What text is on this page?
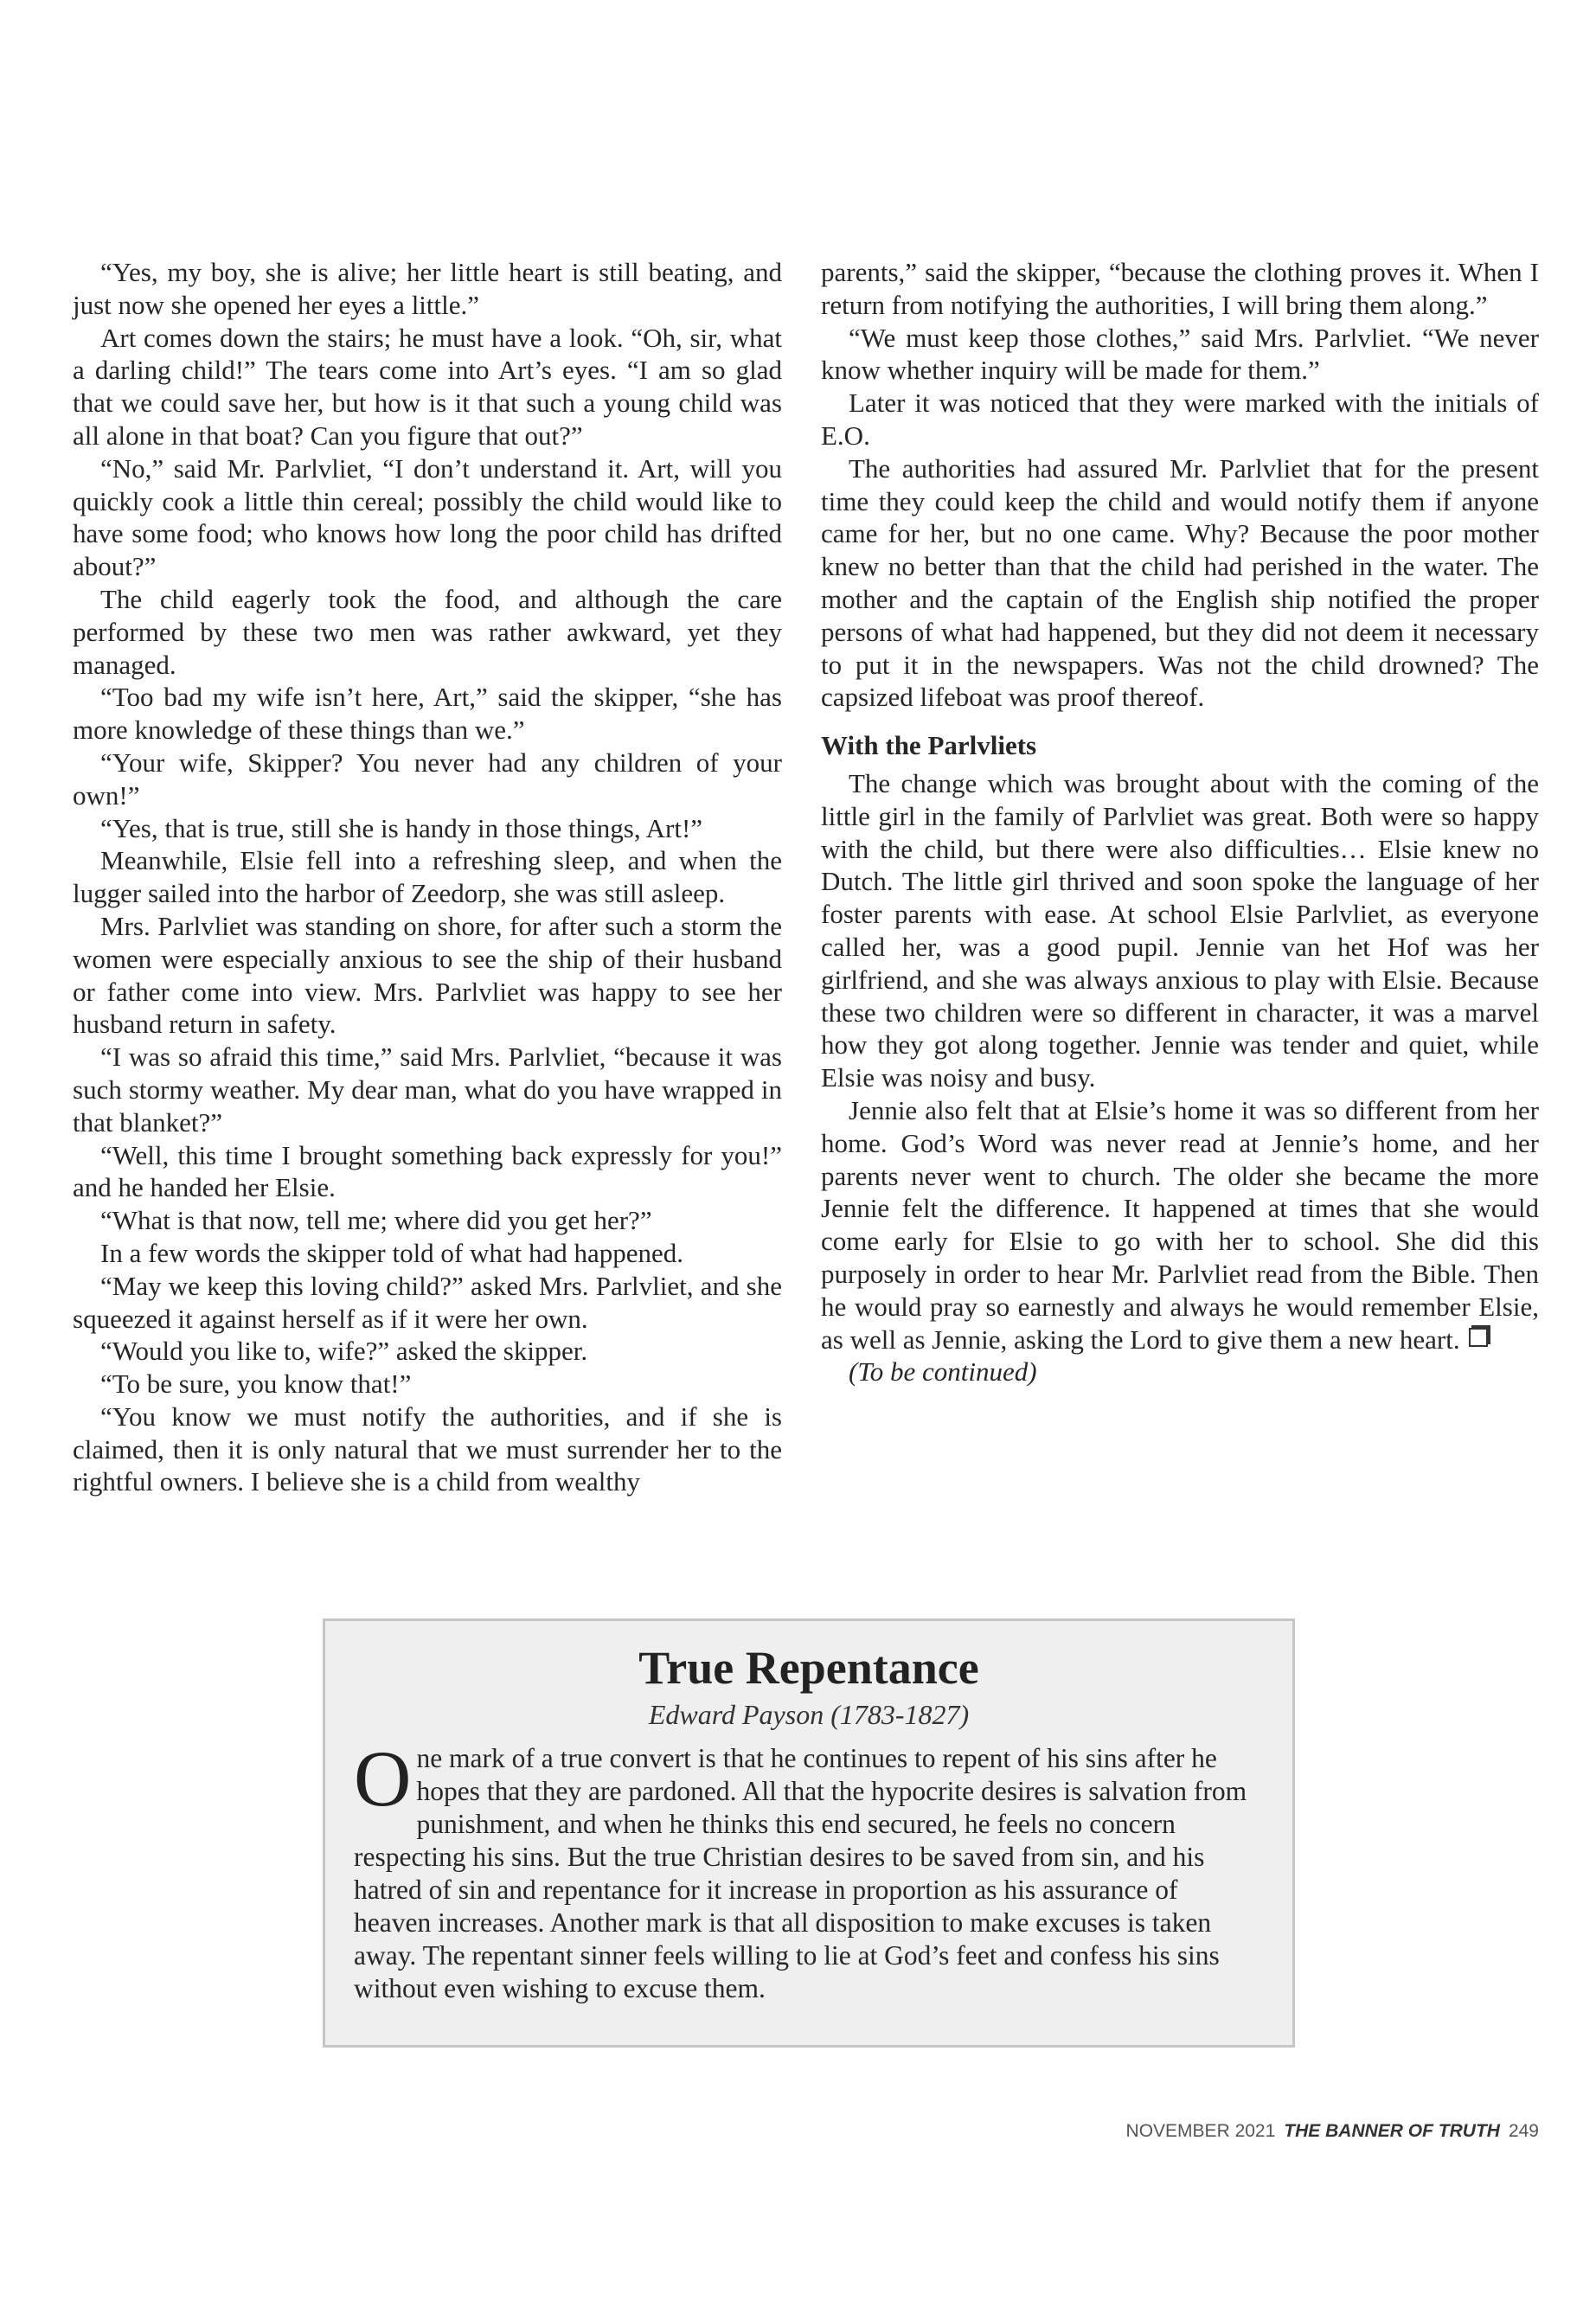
“Yes, my boy, she is alive; her little heart is still beating, and just now she opened her eyes a little.”

Art comes down the stairs; he must have a look. “Oh, sir, what a darling child!” The tears come into Art’s eyes. “I am so glad that we could save her, but how is it that such a young child was all alone in that boat? Can you figure that out?”

“No,” said Mr. Parlvliet, “I don’t understand it. Art, will you quickly cook a little thin cereal; possibly the child would like to have some food; who knows how long the poor child has drifted about?”

The child eagerly took the food, and although the care performed by these two men was rather awkward, yet they managed.

“Too bad my wife isn’t here, Art,” said the skipper, “she has more knowledge of these things than we.”

“Your wife, Skipper? You never had any children of your own!”

“Yes, that is true, still she is handy in those things, Art!”

Meanwhile, Elsie fell into a refreshing sleep, and when the lugger sailed into the harbor of Zeedorp, she was still asleep.

Mrs. Parlvliet was standing on shore, for after such a storm the women were especially anxious to see the ship of their husband or father come into view. Mrs. Parlvliet was happy to see her husband return in safety.

“I was so afraid this time,” said Mrs. Parlvliet, “because it was such stormy weather. My dear man, what do you have wrapped in that blanket?”

“Well, this time I brought something back expressly for you!” and he handed her Elsie.

“What is that now, tell me; where did you get her?”

In a few words the skipper told of what had happened.

“May we keep this loving child?” asked Mrs. Parlvliet, and she squeezed it against herself as if it were her own.

“Would you like to, wife?” asked the skipper.

“To be sure, you know that!”

“You know we must notify the authorities, and if she is claimed, then it is only natural that we must surrender her to the rightful owners. I believe she is a child from wealthy

parents,” said the skipper, “because the clothing proves it. When I return from notifying the authorities, I will bring them along.”

“We must keep those clothes,” said Mrs. Parlvliet. “We never know whether inquiry will be made for them.”

Later it was noticed that they were marked with the initials of E.O.

The authorities had assured Mr. Parlvliet that for the present time they could keep the child and would notify them if anyone came for her, but no one came. Why? Because the poor mother knew no better than that the child had perished in the water. The mother and the captain of the English ship notified the proper persons of what had happened, but they did not deem it necessary to put it in the newspapers. Was not the child drowned? The capsized lifeboat was proof thereof.

With the Parlvliets

The change which was brought about with the coming of the little girl in the family of Parlvliet was great. Both were so happy with the child, but there were also difficulties… Elsie knew no Dutch. The little girl thrived and soon spoke the language of her foster parents with ease. At school Elsie Parlvliet, as everyone called her, was a good pupil. Jennie van het Hof was her girlfriend, and she was always anxious to play with Elsie. Because these two children were so different in character, it was a marvel how they got along together. Jennie was tender and quiet, while Elsie was noisy and busy.

Jennie also felt that at Elsie’s home it was so different from her home. God’s Word was never read at Jennie’s home, and her parents never went to church. The older she became the more Jennie felt the difference. It happened at times that she would come early for Elsie to go with her to school. She did this purposely in order to hear Mr. Parlvliet read from the Bible. Then he would pray so earnestly and always he would remember Elsie, as well as Jennie, asking the Lord to give them a new heart.

(To be continued)

True Repentance
Edward Payson (1783-1827)
One mark of a true convert is that he continues to repent of his sins after he hopes that they are pardoned. All that the hypocrite desires is salvation from punishment, and when he thinks this end secured, he feels no concern respecting his sins. But the true Christian desires to be saved from sin, and his hatred of sin and repentance for it increase in proportion as his assurance of heaven increases. Another mark is that all disposition to make excuses is taken away. The repentant sinner feels willing to lie at God’s feet and confess his sins without even wishing to excuse them.
NOVEMBER 2021 THE BANNER OF TRUTH 249
